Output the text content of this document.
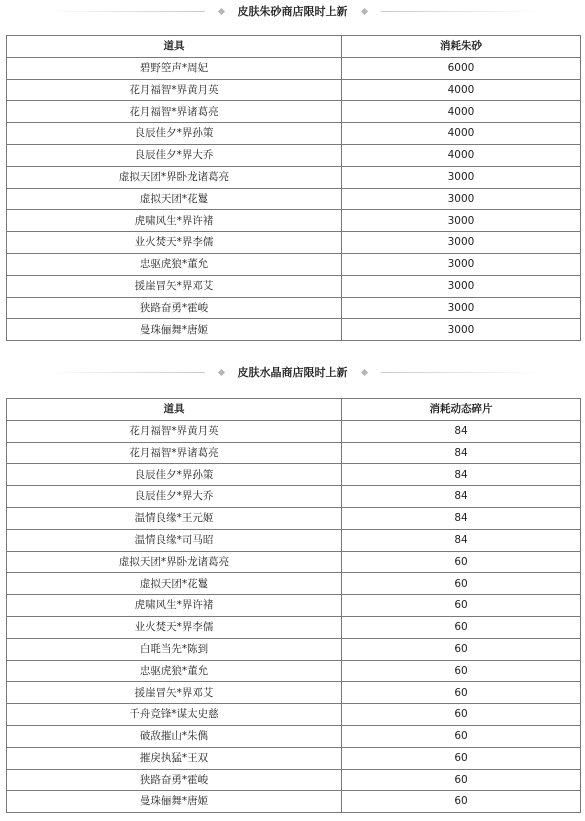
皮肤朱砂商店限时上新
道具	消耗朱砂
碧野箜声*周妃	6000
花月福智*界黄月英	4000
花月福智*界诸葛亮	4000
良辰佳夕*界孙策	4000
良辰佳夕*界大乔	4000
虚拟天团*界卧龙诸葛亮	3000
虚拟天团*花鬘	3000
虎啸风生*界许褚	3000
业火焚天*界李儒	3000
忠驱虎狼*董允	3000
援崖冒矢*界邓艾	3000
狭路奋勇*霍峻	3000
曼珠俪舞*唐姬	3000
皮肤水晶商店限时上新
道具	消耗动态碎片
花月福智*界黄月英	84
花月福智*界诸葛亮	84
良辰佳夕*界孙策	84
良辰佳夕*界大乔	84
温情良缘*王元姬	84
温情良缘*司马昭	84
虚拟天团*界卧龙诸葛亮	60
虚拟天团*花鬘	60
虎啸风生*界许褚	60
业火焚天*界李儒	60
白毦当先*陈到	60
忠驱虎狼*董允	60
援崖冒矢*界邓艾	60
千舟竞锋*谋太史慈	60
破敌摧山*朱儁	60
摧戾执猛*王双	60
狭路奋勇*霍峻	60
曼珠俪舞*唐姬	60
